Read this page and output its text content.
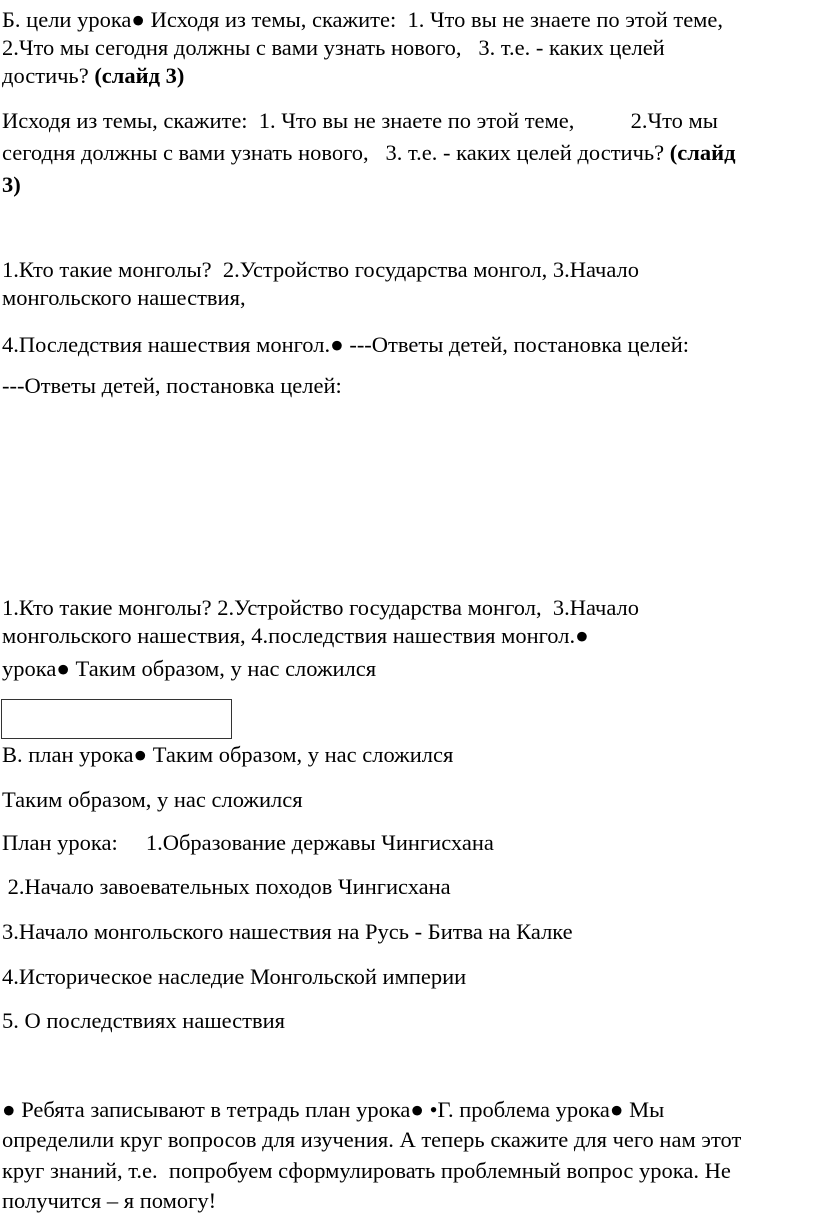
Б. цели урока● Исходя из темы, скажите:  1. Что вы не знаете по этой теме,
2.Что мы сегодня должны с вами узнать нового,   3. т.е. - каких целей
достичь? (слайд 3)
Исходя из темы, скажите:  1. Что вы не знаете по этой теме,          2.Что мы
сегодня должны с вами узнать нового,   3. т.е. - каких целей достичь? (слайд
3)
1.Кто такие монголы?  2.Устройство государства монгол, 3.Начало
монгольского нашествия,
4.Последствия нашествия монгол.● ---Ответы детей, постановка целей:
---Ответы детей, постановка целей:
1.Кто такие монголы? 2.Устройство государства монгол,  3.Начало
монгольского нашествия, 4.последствия нашествия монгол.●
урока● Таким образом, у нас сложился
В. план урока● Таким образом, у нас сложился
Таким образом, у нас сложился
План урока:     1.Образование державы Чингисхана
2.Начало завоевательных походов Чингисхана
3.Начало монгольского нашествия на Русь - Битва на Калке
4.Историческое наследие Монгольской империи
5. О последствиях нашествия
● Ребята записывают в тетрадь план урока● •Г. проблема урока● Мы
определили круг вопросов для изучения. А теперь скажите для чего нам этот
круг знаний, т.е.  попробуем сформулировать проблемный вопрос урока. Не
получится – я помогу!
